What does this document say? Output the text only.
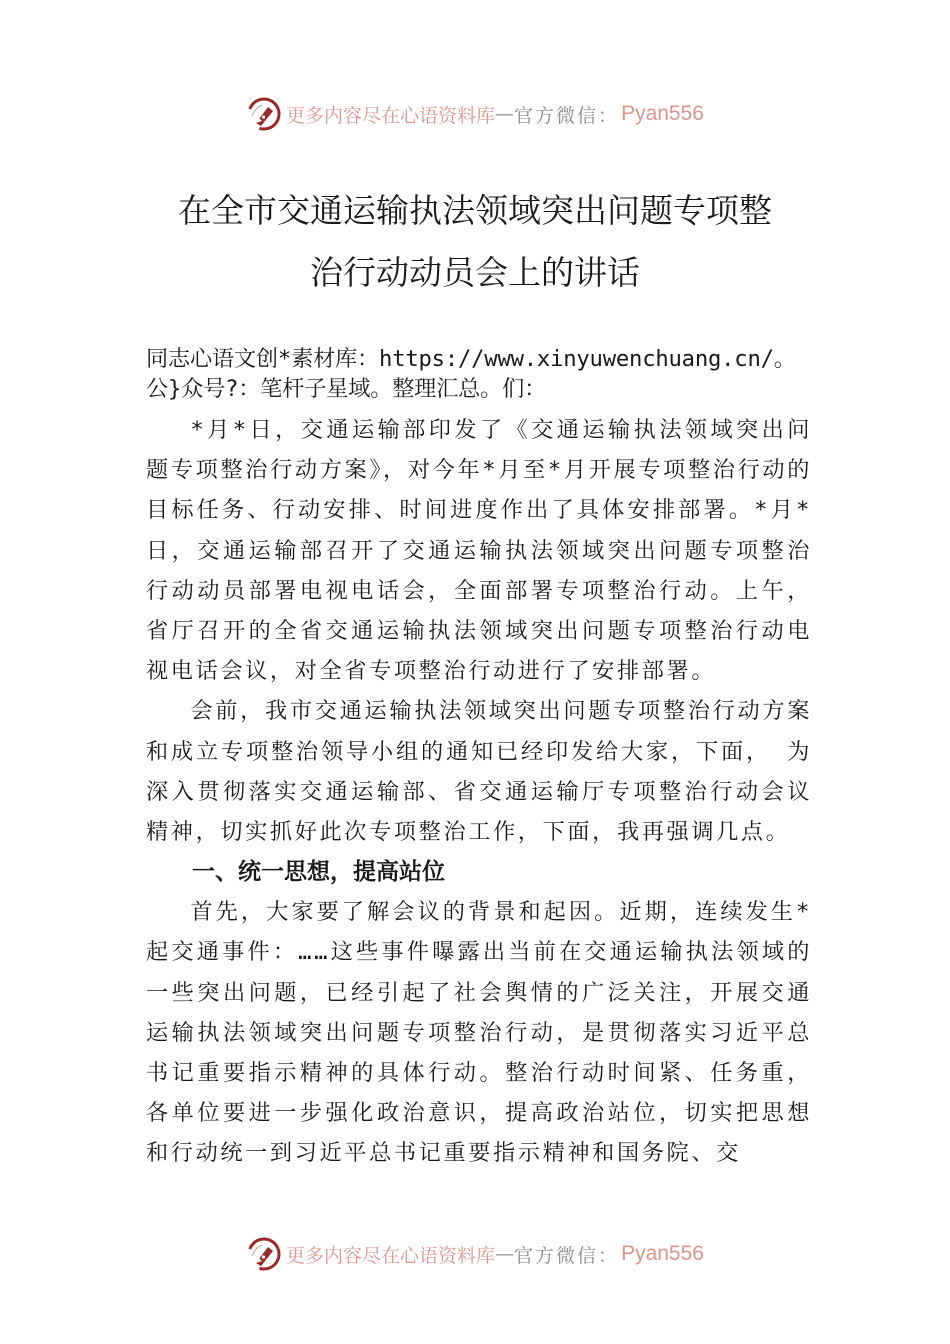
更多内容尽在心语资料库 — 官方微信： Pyan556
在全市交通运输执法领域突出问题专项整
治行动动员会上的讲话
同志心语文创*素材库：https://www.xinyuwenchuang.cn/。
公}众号?：笔杆子星域。整理汇总。们：

*月*日，交通运输部印发了《交通运输执法领域突出问题专项整治行动方案》，对今年*月至*月开展专项整治行动的目标任务、行动安排、时间进度作出了具体安排部署。*月*日，交通运输部召开了交通运输执法领域突出问题专项整治行动动员部署电视电话会，全面部署专项整治行动。上午，省厅召开的全省交通运输执法领域突出问题专项整治行动电视电话会议，对全省专项整治行动进行了安排部署。

会前，我市交通运输执法领域突出问题专项整治行动方案和成立专项整治领导小组的通知已经印发给大家，下面， 为深入贯彻落实交通运输部、省交通运输厅专项整治行动会议精神，切实抓好此次专项整治工作，下面，我再强调几点。

一、统一思想，提高站位

首先，大家要了解会议的背景和起因。近期，连续发生*起交通事件：……这些事件曝露出当前在交通运输执法领域的一些突出问题，已经引起了社会舆情的广泛关注，开展交通运输执法领域突出问题专项整治行动，是贯彻落实习近平总书记重要指示精神的具体行动。整治行动时间紧、任务重，各单位要进一步强化政治意识，提高政治站位，切实把思想和行动统一到习近平总书记重要指示精神和国务院、交

更多内容尽在心语资料库 — 官方微信： Pyan556
